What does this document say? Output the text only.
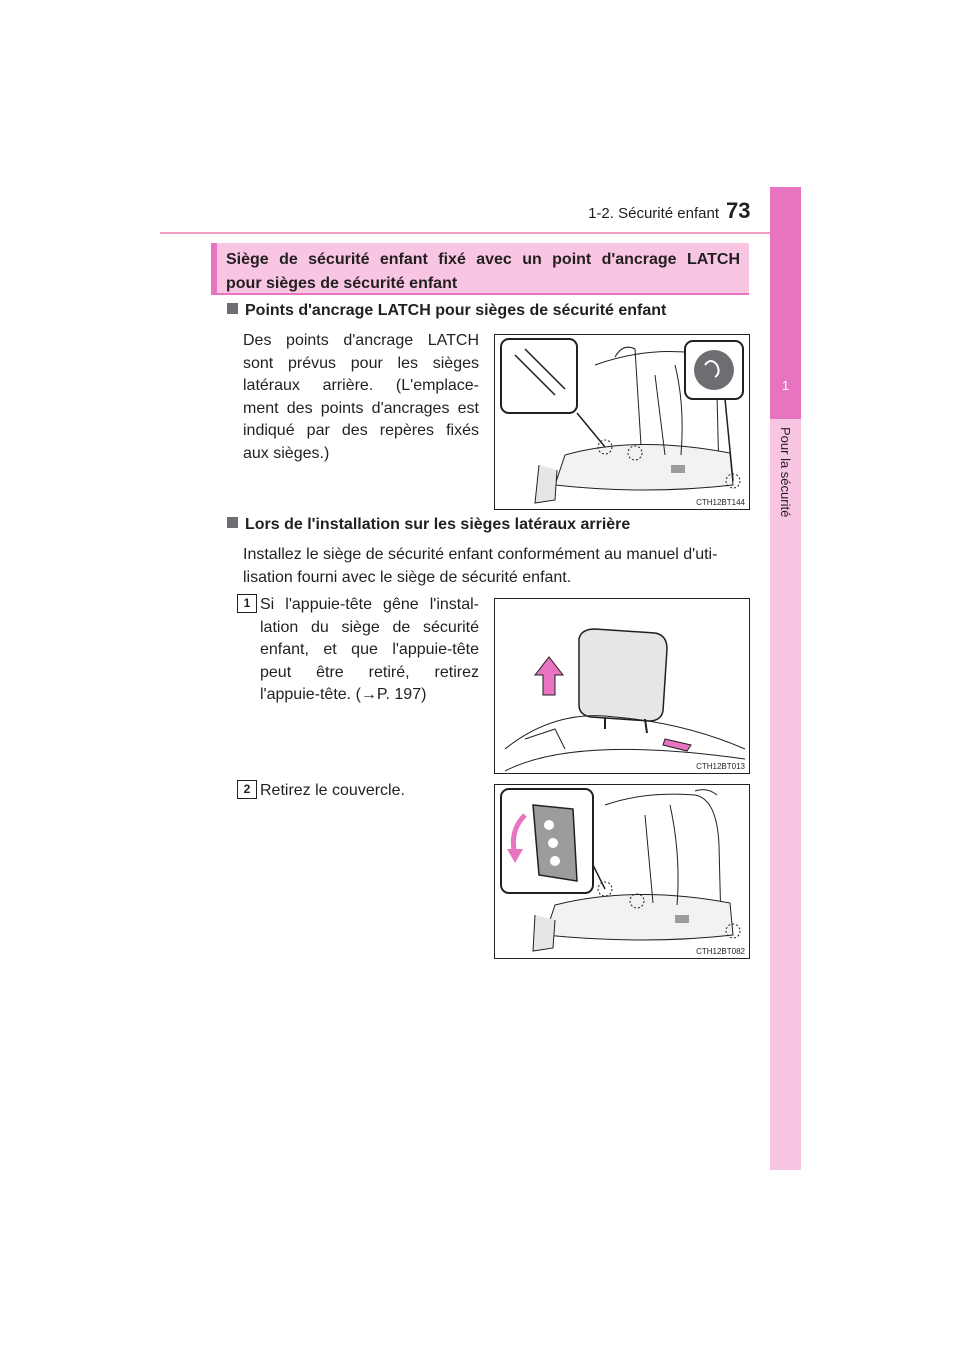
1-2. Sécurité enfant 73
1
Pour la sécurité
Siège de sécurité enfant fixé avec un point d'ancrage LATCH
pour sièges de sécurité enfant
Points d'ancrage LATCH pour sièges de sécurité enfant
Des points d'ancrage LATCH
sont prévus pour les sièges
latéraux arrière. (L'emplace-
ment des points d'ancrages est
indiqué par des repères fixés
aux sièges.)
CTH12BT144
Lors de l'installation sur les sièges latéraux arrière
Installez le siège de sécurité enfant conformément au manuel d'uti-
lisation fourni avec le siège de sécurité enfant.
1 Si l'appuie-tête gêne l'instal-
lation du siège de sécurité
enfant, et que l'appuie-tête
peut être retiré, retirez
l'appuie-tête. (→P. 197)
CTH12BT013
2 Retirez le couvercle.
CTH12BT082
